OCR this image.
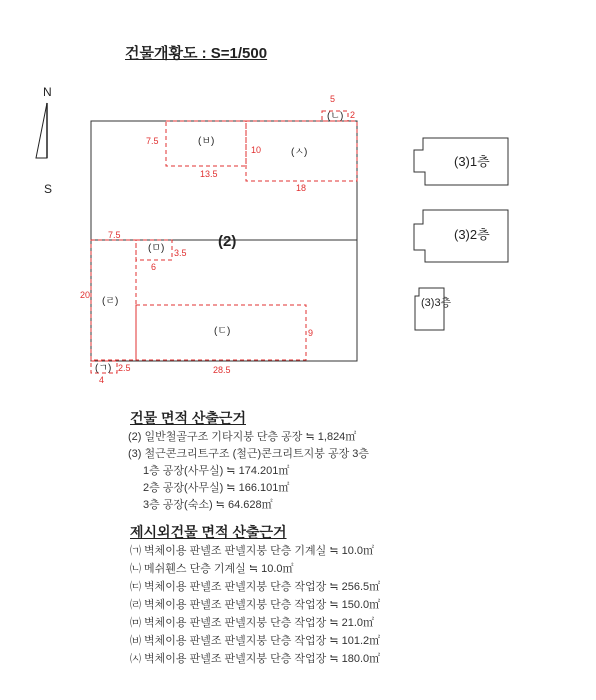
건물개황도 : S=1/500
N
S
(2)
(ㅂ)
(ㅅ)
(ㄴ)
(ㅁ)
(ㄹ)
(ㄷ)
(ㄱ)
5
2
7.5
10
13.5
18
7.5
3.5
6
20
9
2.5	28.5
4
(3)1층
(3)2층
(3)3층
건물 면적 산출근거
(2) 일반철골구조 기타지붕 단층 공장 ≒ 1,824㎡
(3) 철근콘크리트구조 (철근)콘크리트지붕 공장 3층
1층 공장(사무실) ≒ 174.201㎡
2층 공장(사무실) ≒ 166.101㎡
3층 공장(숙소) ≒ 64.628㎡
제시외건물 면적 산출근거
㈀ 벽체이용 판넬조 판넬지붕 단층 기계실 ≒ 10.0㎡
㈁ 메쉬휀스 단층 기계실 ≒ 10.0㎡
㈂ 벽체이용 판넬조 판넬지붕 단층 작업장 ≒ 256.5㎡
㈃ 벽체이용 판넬조 판넬지붕 단층 작업장 ≒ 150.0㎡
㈄ 벽체이용 판넬조 판넬지붕 단층 작업장 ≒ 21.0㎡
㈅ 벽체이용 판넬조 판넬지붕 단층 작업장 ≒ 101.2㎡
㈆ 벽체이용 판넬조 판넬지붕 단층 작업장 ≒ 180.0㎡
